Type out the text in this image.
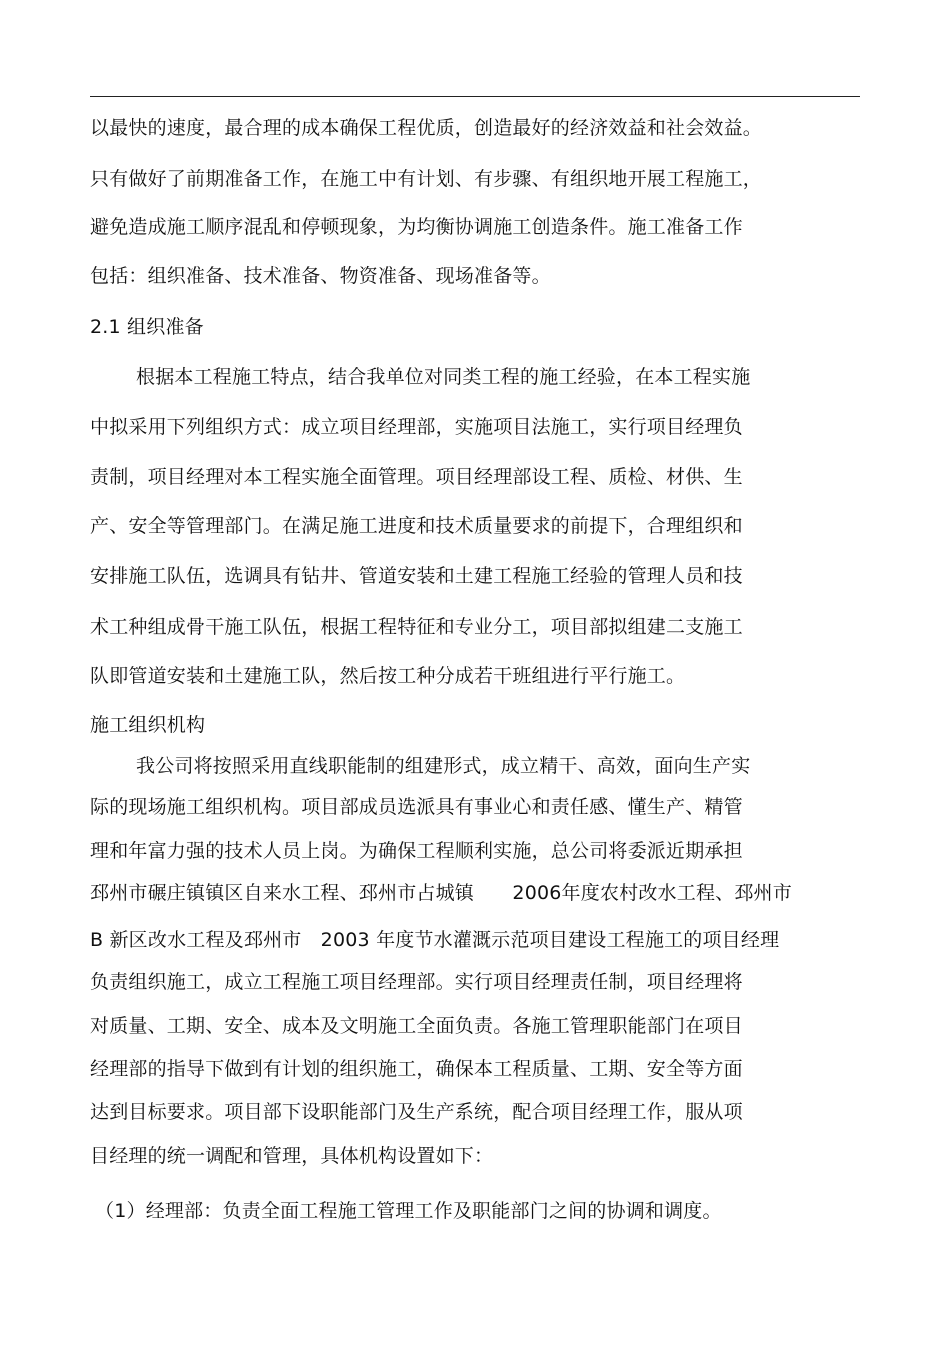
以最快的速度，最合理的成本确保工程优质，创造最好的经济效益和社会效益。
只有做好了前期准备工作，在施工中有计划、有步骤、有组织地开展工程施工，
避免造成施工顺序混乱和停顿现象，为均衡协调施工创造条件。施工准备工作
包括：组织准备、技术准备、物资准备、现场准备等。
2.1 组织准备
根据本工程施工特点，结合我单位对同类工程的施工经验，在本工程实施
中拟采用下列组织方式：成立项目经理部，实施项目法施工，实行项目经理负
责制，项目经理对本工程实施全面管理。项目经理部设工程、质检、材供、生
产、安全等管理部门。在满足施工进度和技术质量要求的前提下，合理组织和
安排施工队伍，选调具有钻井、管道安装和土建工程施工经验的管理人员和技
术工种组成骨干施工队伍，根据工程特征和专业分工，项目部拟组建二支施工
队即管道安装和土建施工队，然后按工种分成若干班组进行平行施工。
施工组织机构
我公司将按照采用直线职能制的组建形式，成立精干、高效，面向生产实
际的现场施工组织机构。项目部成员选派具有事业心和责任感、懂生产、精管
理和年富力强的技术人员上岗。为确保工程顺利实施，总公司将委派近期承担
邳州市碾庄镇镇区自来水工程、邳州市占城镇　　2006年度农村改水工程、邳州市
B 新区改水工程及邳州市　2003 年度节水灌溉示范项目建设工程施工的项目经理
负责组织施工，成立工程施工项目经理部。实行项目经理责任制，项目经理将
对质量、工期、安全、成本及文明施工全面负责。各施工管理职能部门在项目
经理部的指导下做到有计划的组织施工，确保本工程质量、工期、安全等方面
达到目标要求。项目部下设职能部门及生产系统，配合项目经理工作，服从项
目经理的统一调配和管理，具体机构设置如下：
（1）经理部：负责全面工程施工管理工作及职能部门之间的协调和调度。
